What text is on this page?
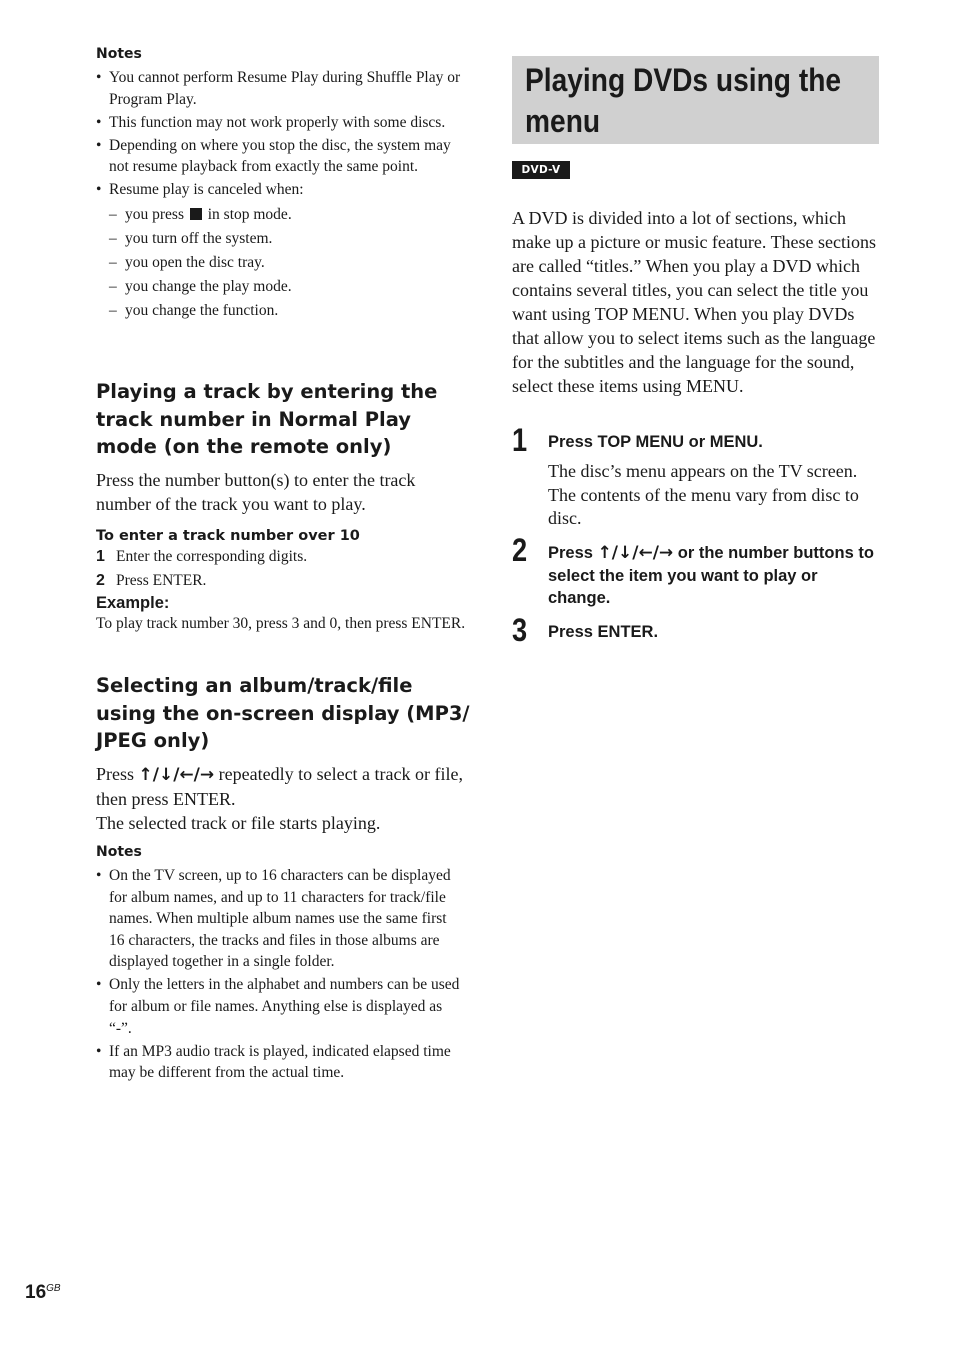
Notes

• You cannot perform Resume Play during Shuffle Play or Program Play.
• This function may not work properly with some discs.
• Depending on where you stop the disc, the system may not resume playback from exactly the same point.
• Resume play is canceled when:
– you press in stop mode.
– you turn off the system.
– you open the disc tray.
– you change the play mode.
– you change the function.
Playing a track by entering the track number in Normal Play mode (on the remote only)

Press the number button(s) to enter the track number of the track you want to play.

To enter a track number over 10

1 Enter the corresponding digits.

2 Press ENTER.

Example:

To play track number 30, press 3 and 0, then press ENTER.

Selecting an album/track/file using the on-screen display (MP3/ JPEG only)

Press ↑/↓/←/→ repeatedly to select a track or file, then press ENTER.

The selected track or file starts playing.

Notes

• On the TV screen, up to 16 characters can be displayed for album names, and up to 11 characters for track/file names. When multiple album names use the same first 16 characters, the tracks and files in those albums are displayed together in a single folder.
• Only the letters in the alphabet and numbers can be used for album or file names. Anything else is displayed as “-”.
• If an MP3 audio track is played, indicated elapsed time may be different from the actual time.
Playing DVDs using the menu
DVD-V

A DVD is divided into a lot of sections, which make up a picture or music feature. These sections are called “titles.” When you play a DVD which contains several titles, you can select the title you want using TOP MENU. When you play DVDs that allow you to select items such as the language for the subtitles and the language for the sound, select these items using MENU.

1 Press TOP MENU or MENU.

The disc’s menu appears on the TV screen. The contents of the menu vary from disc to disc.

2 Press ↑/↓/←/→ or the number buttons to select the item you want to play or change.

3 Press ENTER.

$16^{GB}$
